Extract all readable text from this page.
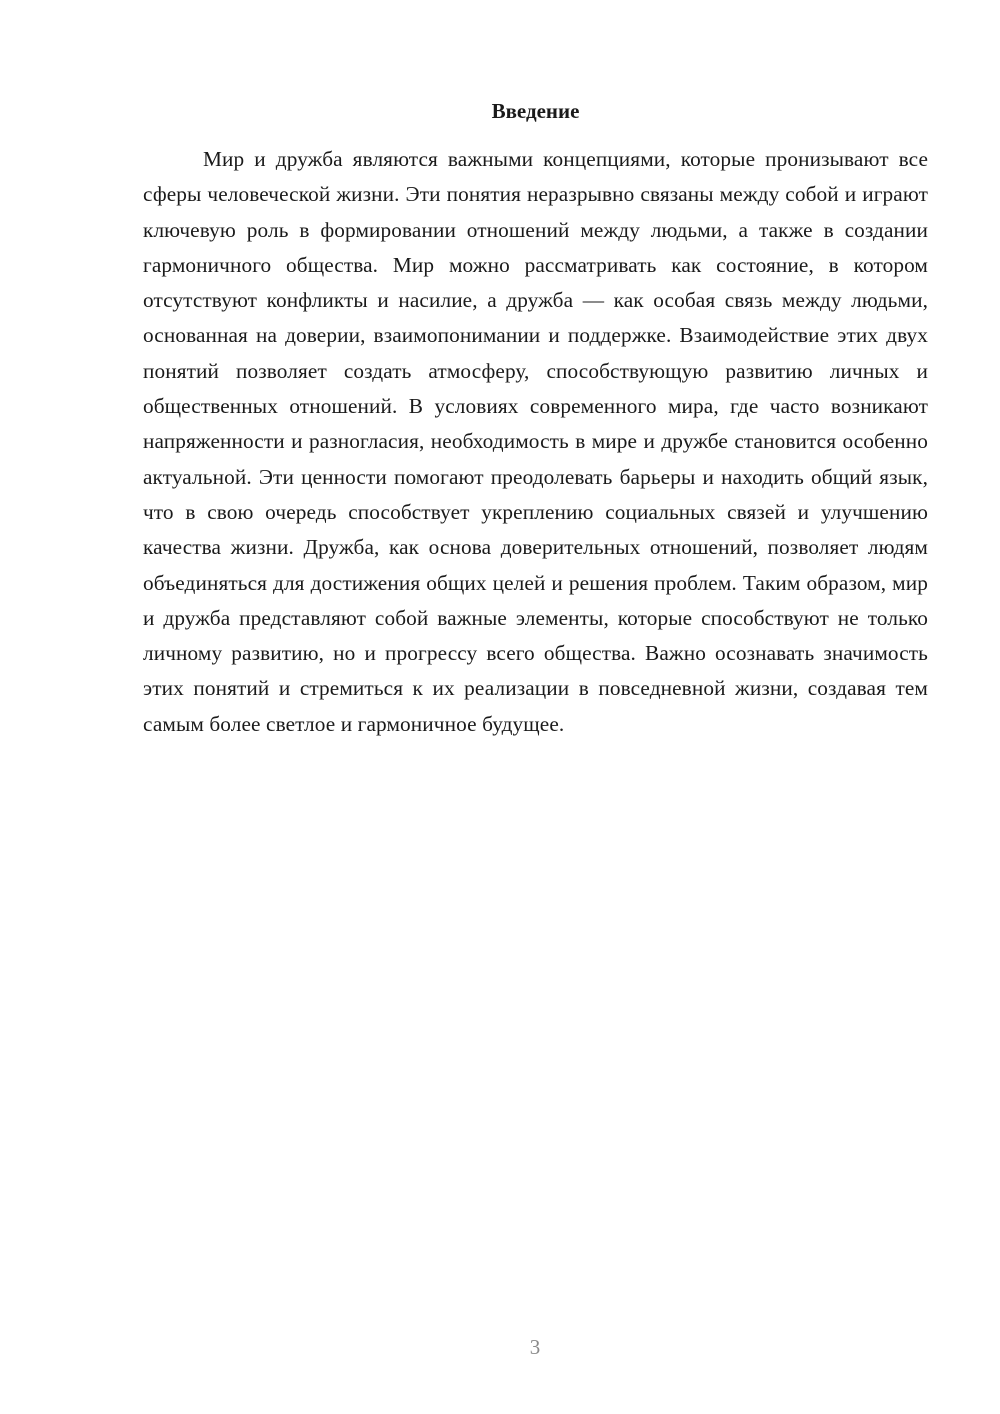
Введение

Мир и дружба являются важными концепциями, которые пронизывают все сферы человеческой жизни. Эти понятия неразрывно связаны между собой и играют ключевую роль в формировании отношений между людьми, а также в создании гармоничного общества. Мир можно рассматривать как состояние, в котором отсутствуют конфликты и насилие, а дружба — как особая связь между людьми, основанная на доверии, взаимопонимании и поддержке. Взаимодействие этих двух понятий позволяет создать атмосферу, способствующую развитию личных и общественных отношений. В условиях современного мира, где часто возникают напряженности и разногласия, необходимость в мире и дружбе становится особенно актуальной. Эти ценности помогают преодолевать барьеры и находить общий язык, что в свою очередь способствует укреплению социальных связей и улучшению качества жизни. Дружба, как основа доверительных отношений, позволяет людям объединяться для достижения общих целей и решения проблем. Таким образом, мир и дружба представляют собой важные элементы, которые способствуют не только личному развитию, но и прогрессу всего общества. Важно осознавать значимость этих понятий и стремиться к их реализации в повседневной жизни, создавая тем самым более светлое и гармоничное будущее.

3
